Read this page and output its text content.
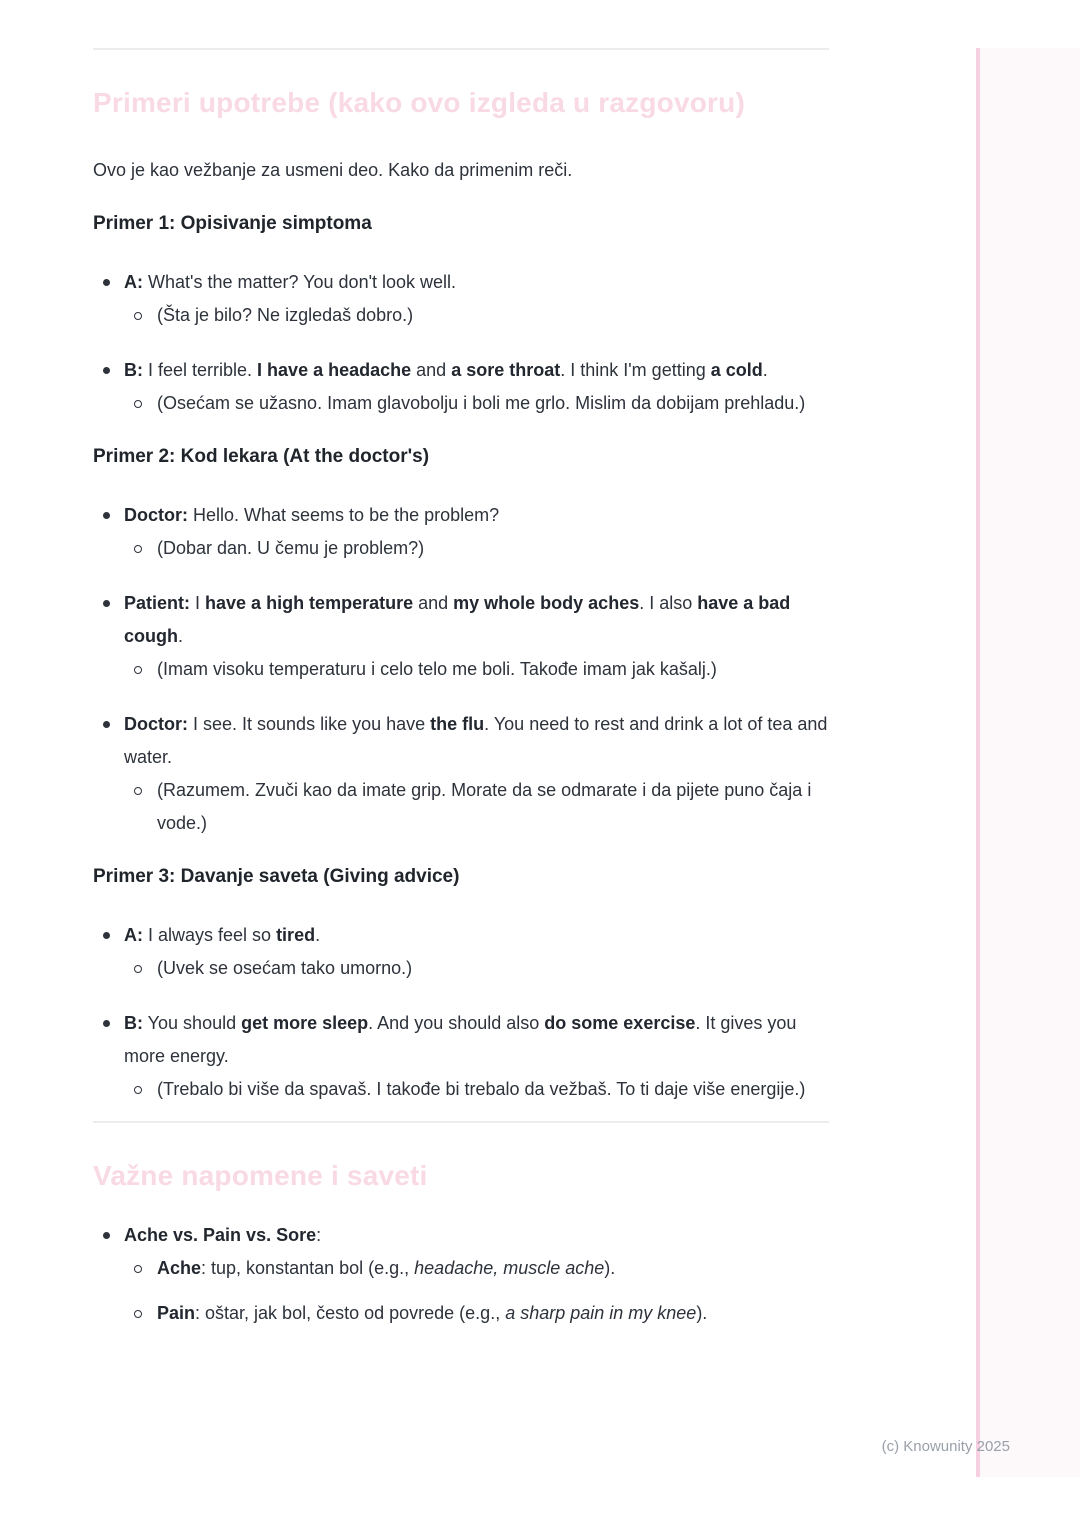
Primeri upotrebe (kako ovo izgleda u razgovoru)

Ovo je kao vežbanje za usmeni deo. Kako da primenim reči.

Primer 1: Opisivanje simptoma
A: What's the matter? You don't look well.
(Šta je bilo? Ne izgledaš dobro.)
B: I feel terrible. I have a headache and a sore throat. I think I'm getting a cold.
(Osećam se užasno. Imam glavobolju i boli me grlo. Mislim da dobijam prehladu.)
Primer 2: Kod lekara (At the doctor's)
Doctor: Hello. What seems to be the problem?
(Dobar dan. U čemu je problem?)
Patient: I have a high temperature and my whole body aches. I also have a bad cough.
(Imam visoku temperaturu i celo telo me boli. Takođe imam jak kašalj.)
Doctor: I see. It sounds like you have the flu. You need to rest and drink a lot of tea and water.
(Razumem. Zvuči kao da imate grip. Morate da se odmarate i da pijete puno čaja i vode.)
Primer 3: Davanje saveta (Giving advice)
A: I always feel so tired.
(Uvek se osećam tako umorno.)
B: You should get more sleep. And you should also do some exercise. It gives you more energy.
(Trebalo bi više da spavaš. I takođe bi trebalo da vežbaš. To ti daje više energije.)
Važne napomene i saveti
Ache vs. Pain vs. Sore:
Ache: tup, konstantan bol (e.g., headache, muscle ache).
Pain: oštar, jak bol, često od povrede (e.g., a sharp pain in my knee).
(c) Knowunity 2025
